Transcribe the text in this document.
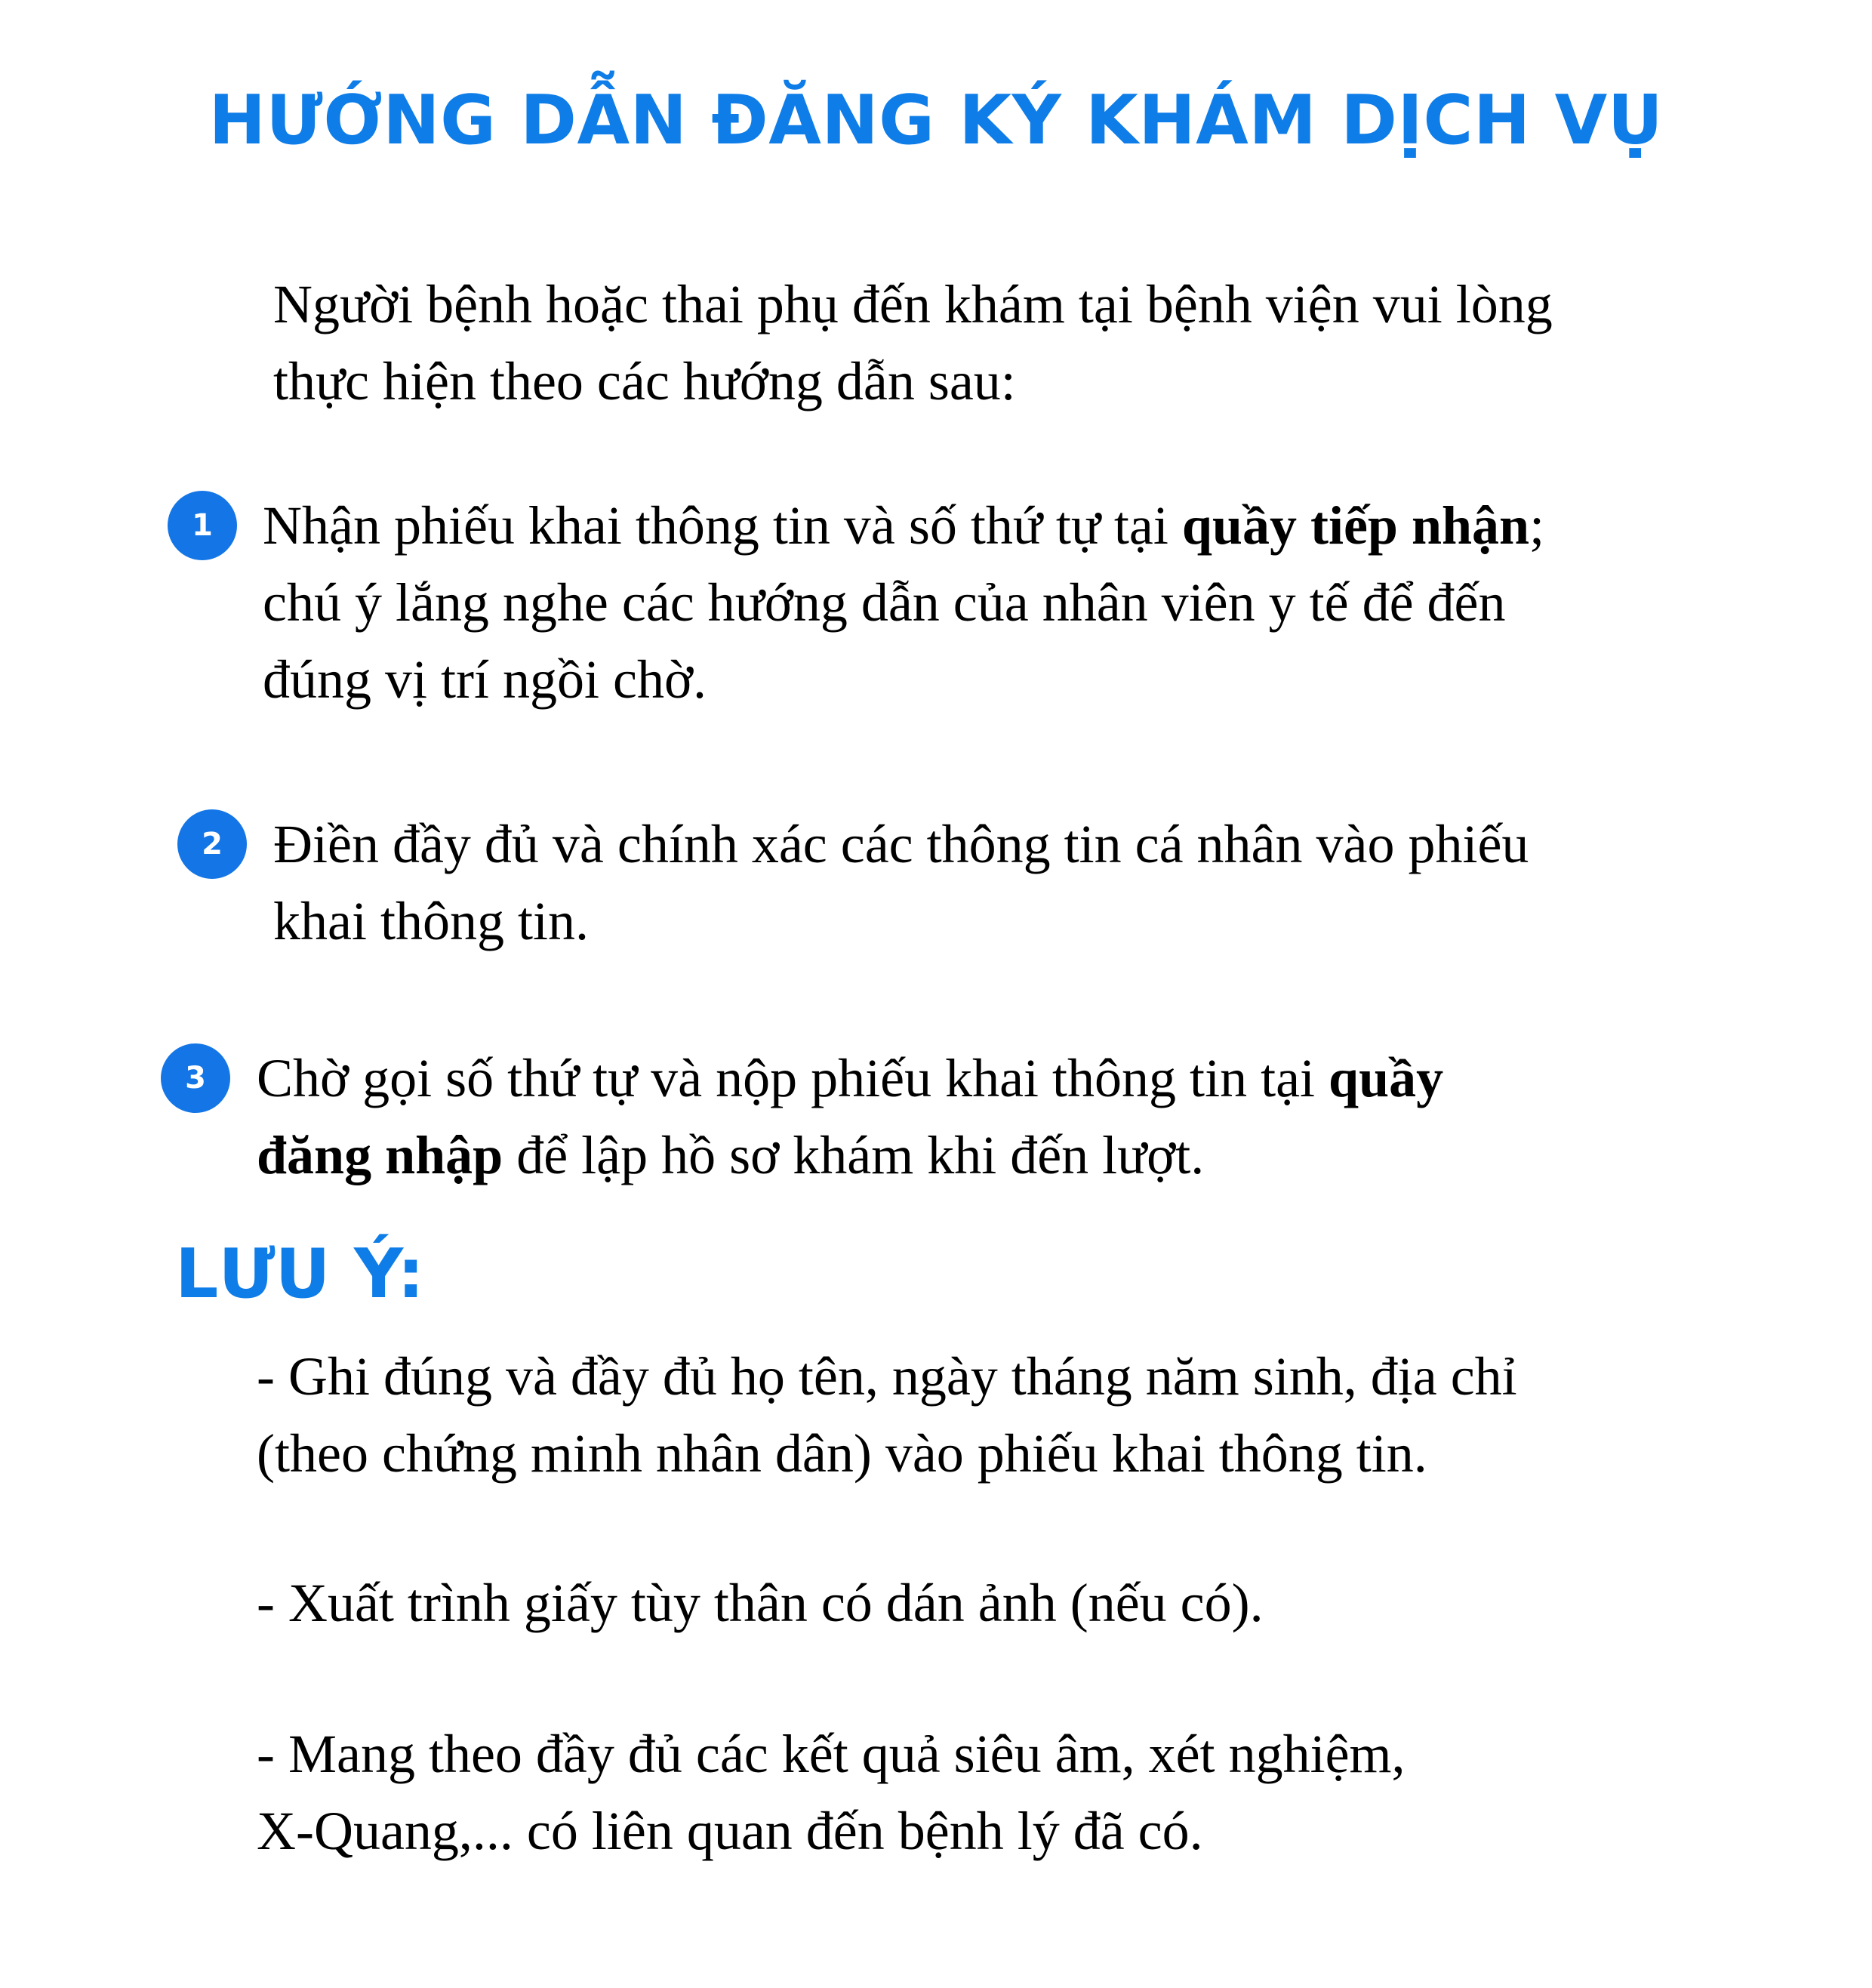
HƯỚNG DẪN ĐĂNG KÝ KHÁM DỊCH VỤ
Người bệnh hoặc thai phụ đến khám tại bệnh viện vui lòng
thực hiện theo các hướng dẫn sau:
1 Nhận phiếu khai thông tin và số thứ tự tại quầy tiếp nhận;
chú ý lắng nghe các hướng dẫn của nhân viên y tế để đến
đúng vị trí ngồi chờ.
2 Điền đầy đủ và chính xác các thông tin cá nhân vào phiếu
khai thông tin.
3 Chờ gọi số thứ tự và nộp phiếu khai thông tin tại quầy
đăng nhập để lập hồ sơ khám khi đến lượt.
LƯU Ý:
- Ghi đúng và đầy đủ họ tên, ngày tháng năm sinh, địa chỉ
(theo chứng minh nhân dân) vào phiếu khai thông tin.
- Xuất trình giấy tùy thân có dán ảnh (nếu có).
- Mang theo đầy đủ các kết quả siêu âm, xét nghiệm,
X-Quang,... có liên quan đến bệnh lý đã có.
